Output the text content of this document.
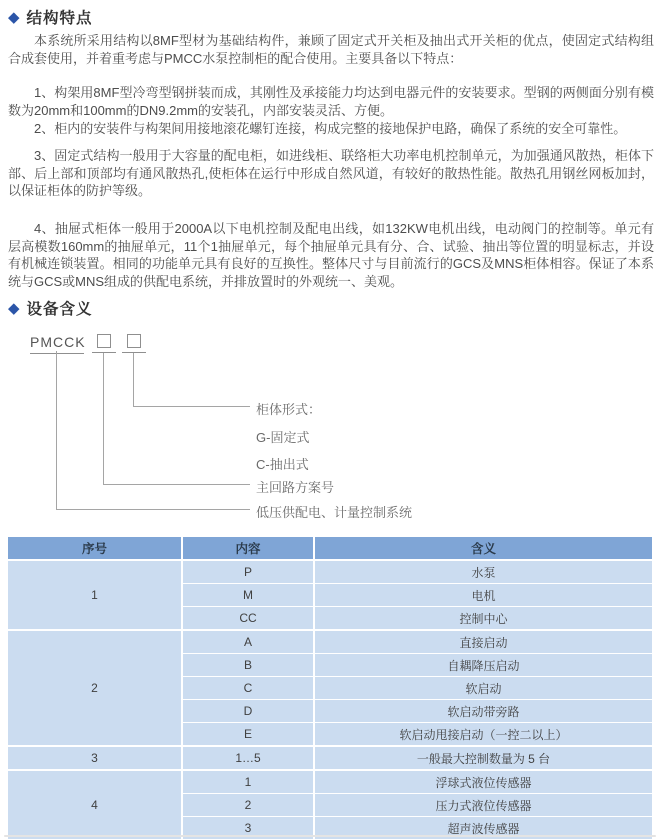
◆ 结构特点
本系统所采用结构以8MF型材为基础结构件，兼顾了固定式开关柜及抽出式开关柜的优点，使固定式结构组合成套使用，并着重考虑与PMCC水泵控制柜的配合使用。主要具备以下特点：
1、构架用8MF型冷弯型钢拼装而成，其刚性及承接能力均达到电器元件的安装要求。型钢的两侧面分别有模数为20mm和100mm的DN9.2mm的安装孔，内部安装灵活、方便。
2、柜内的安装件与构架间用接地滚花螺钉连接，构成完整的接地保护电路，确保了系统的安全可靠性。
3、固定式结构一般用于大容量的配电柜，如进线柜、联络柜大功率电机控制单元，为加强通风散热，柜体下部、后上部和顶部均有通风散热孔,使柜体在运行中形成自然风道，有较好的散热性能。散热孔用钢丝网板加封，以保证柜体的防护等级。
4、抽屉式柜体一般用于2000A以下电机控制及配电出线，如132KW电机出线，电动阀门的控制等。单元有层高模数160mm的抽屉单元，11个1抽屉单元，每个抽屉单元具有分、合、试验、抽出等位置的明显标志，并设有机械连锁装置。相同的功能单元具有良好的互换性。整体尺寸与目前流行的GCS及MNS柜体相容。保证了本系统与GCS或MNS组成的供配电系统，并排放置时的外观统一、美观。
◆ 设备含义
PMCCK
柜体形式：
G-固定式
C-抽出式
主回路方案号
低压供配电、计量控制系统
序号	内容	含义
1	P	水泵
	M	电机
	CC	控制中心
2	A	直接启动
	B	自耦降压启动
	C	软启动
	D	软启动带旁路
	E	软启动甩接启动（一控二以上）
3	1…5	一般最大控制数量为 5 台
4	1	浮球式液位传感器
	2	压力式液位传感器
	3	超声波传感器
